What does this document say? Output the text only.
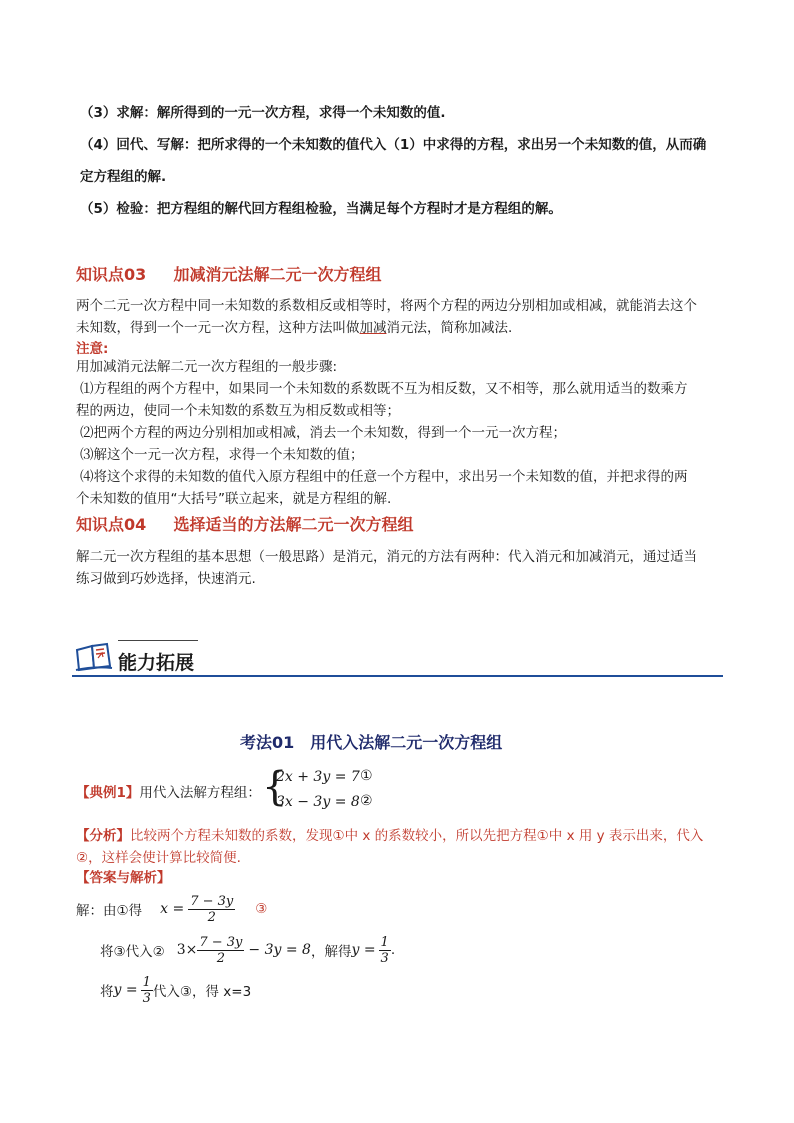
（3）求解：解所得到的一元一次方程，求得一个未知数的值.
（4）回代、写解：把所求得的一个未知数的值代入（1）中求得的方程，求出另一个未知数的值，从而确
定方程组的解.
（5）检验：把方程组的解代回方程组检验，当满足每个方程时才是方程组的解。
知识点03 加减消元法解二元一次方程组
两个二元一次方程中同一未知数的系数相反或相等时，将两个方程的两边分别相加或相减，就能消去这个
未知数，得到一个一元一次方程，这种方法叫做加减消元法，简称加减法.
注意:
用加减消元法解二元一次方程组的一般步骤:
⑴方程组的两个方程中，如果同一个未知数的系数既不互为相反数，又不相等，那么就用适当的数乘方
程的两边，使同一个未知数的系数互为相反数或相等；
⑵把两个方程的两边分别相加或相减，消去一个未知数，得到一个一元一次方程；
⑶解这个一元一次方程，求得一个未知数的值；
⑷将这个求得的未知数的值代入原方程组中的任意一个方程中，求出另一个未知数的值，并把求得的两
个未知数的值用“大括号”联立起来，就是方程组的解.
知识点04 选择适当的方法解二元一次方程组
解二元一次方程组的基本思想（一般思路）是消元，消元的方法有两种：代入消元和加减消元，通过适当
练习做到巧妙选择，快速消元.
能力拓展
考法01　用代入法解二元一次方程组
【典例1】用代入法解方程组： {
2x + 3y = 7 ①
3x − 3y = 8 ②
【分析】比较两个方程未知数的系数，发现①中 x 的系数较小，所以先把方程①中 x 用 y 表示出来，代入
②，这样会使计算比较简便.
【答案与解析】
解：由①得 $x = \frac{7 - 3y}{2}$ ③
将③代入② $3\times \frac{7 - 3y}{2} - 3y = 8$ ，解得 $y = \frac{1}{3}$ .
将 $y = \frac{1}{3}$ 代入③，得 x=3
